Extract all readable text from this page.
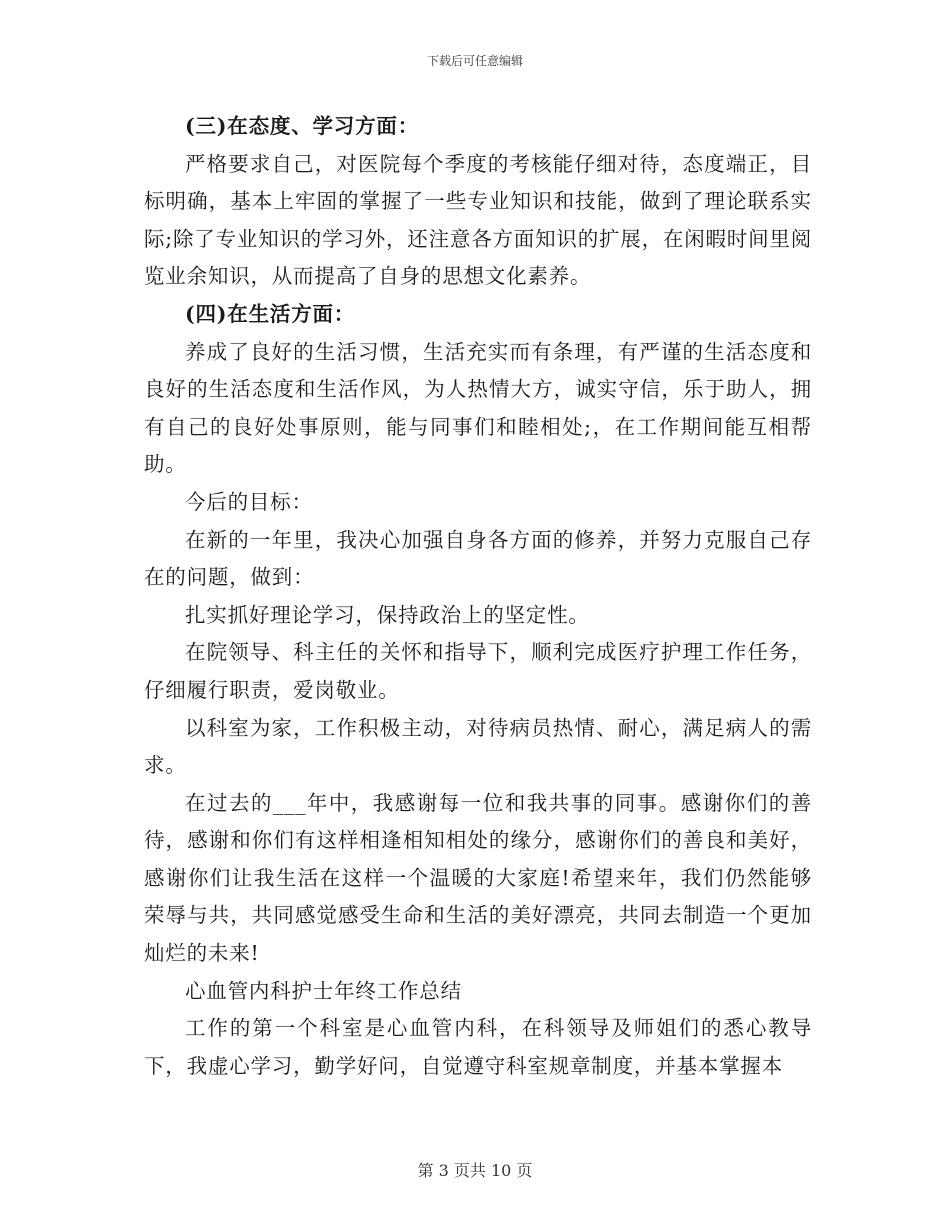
下载后可任意编辑

(三)在态度、学习方面：

严格要求自己，对医院每个季度的考核能仔细对待，态度端正，目标明确，基本上牢固的掌握了一些专业知识和技能，做到了理论联系实际;除了专业知识的学习外，还注意各方面知识的扩展，在闲暇时间里阅览业余知识，从而提高了自身的思想文化素养。

(四)在生活方面：

养成了良好的生活习惯，生活充实而有条理，有严谨的生活态度和良好的生活态度和生活作风，为人热情大方，诚实守信，乐于助人，拥有自己的良好处事原则，能与同事们和睦相处;，在工作期间能互相帮助。

今后的目标：

在新的一年里，我决心加强自身各方面的修养，并努力克服自己存在的问题，做到：

扎实抓好理论学习，保持政治上的坚定性。

在院领导、科主任的关怀和指导下，顺利完成医疗护理工作任务，仔细履行职责，爱岗敬业。

以科室为家，工作积极主动，对待病员热情、耐心，满足病人的需求。

在过去的___年中，我感谢每一位和我共事的同事。感谢你们的善待，感谢和你们有这样相逢相知相处的缘分，感谢你们的善良和美好，感谢你们让我生活在这样一个温暖的大家庭!希望来年，我们仍然能够荣辱与共，共同感觉感受生命和生活的美好漂亮，共同去制造一个更加灿烂的未来!

心血管内科护士年终工作总结

工作的第一个科室是心血管内科，在科领导及师姐们的悉心教导下，我虚心学习，勤学好问，自觉遵守科室规章制度，并基本掌握本

第 3 页共 10 页
